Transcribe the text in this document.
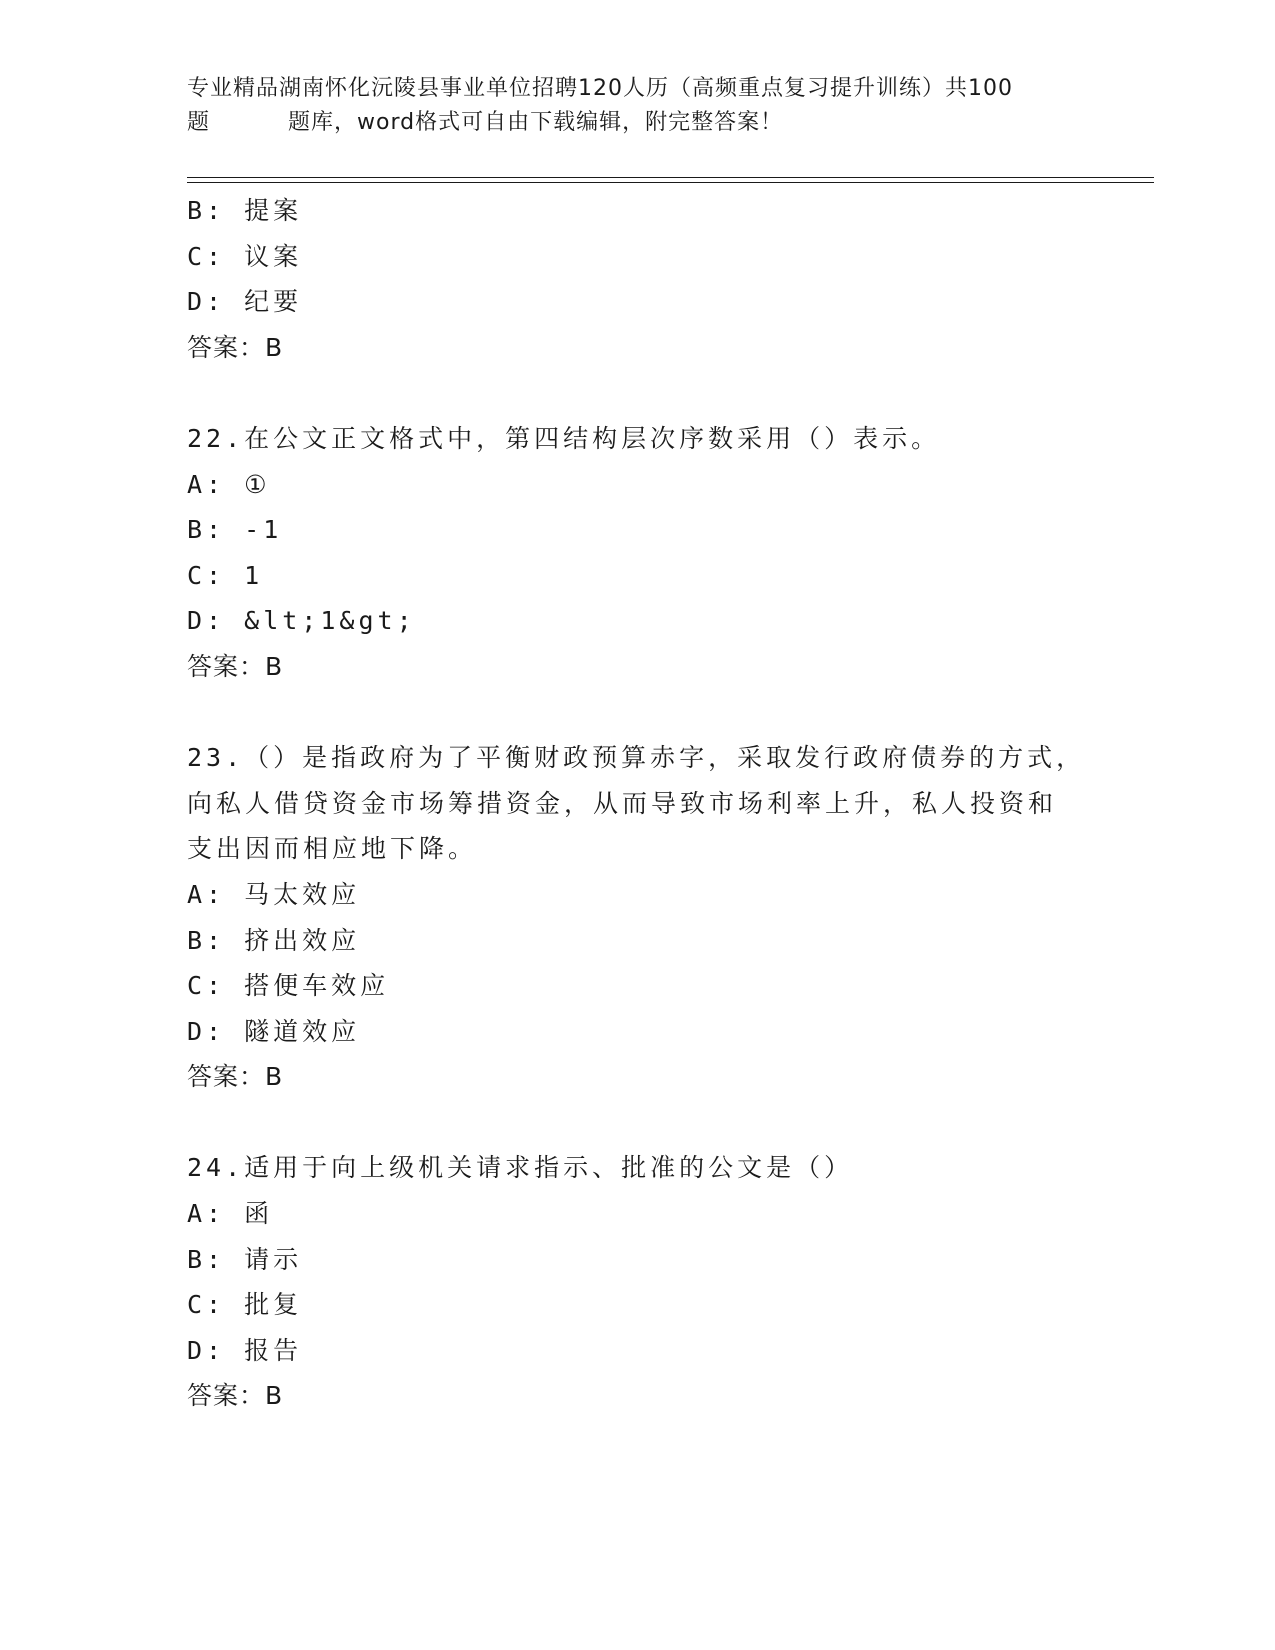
专业精品湖南怀化沅陵县事业单位招聘120人历（高频重点复习提升训练）共100
题	题库，word格式可自由下载编辑，附完整答案！
B: 提案
C: 议案
D: 纪要
答案：B
22.在公文正文格式中，第四结构层次序数采用（）表示。
A: ①
B: -1
C: 1
D: &lt;1&gt;
答案：B
23.（）是指政府为了平衡财政预算赤字，采取发行政府债券的方式，
向私人借贷资金市场筹措资金，从而导致市场利率上升，私人投资和
支出因而相应地下降。
A: 马太效应
B: 挤出效应
C: 搭便车效应
D: 隧道效应
答案：B
24.适用于向上级机关请求指示、批准的公文是（）
A: 函
B: 请示
C: 批复
D: 报告
答案：B
